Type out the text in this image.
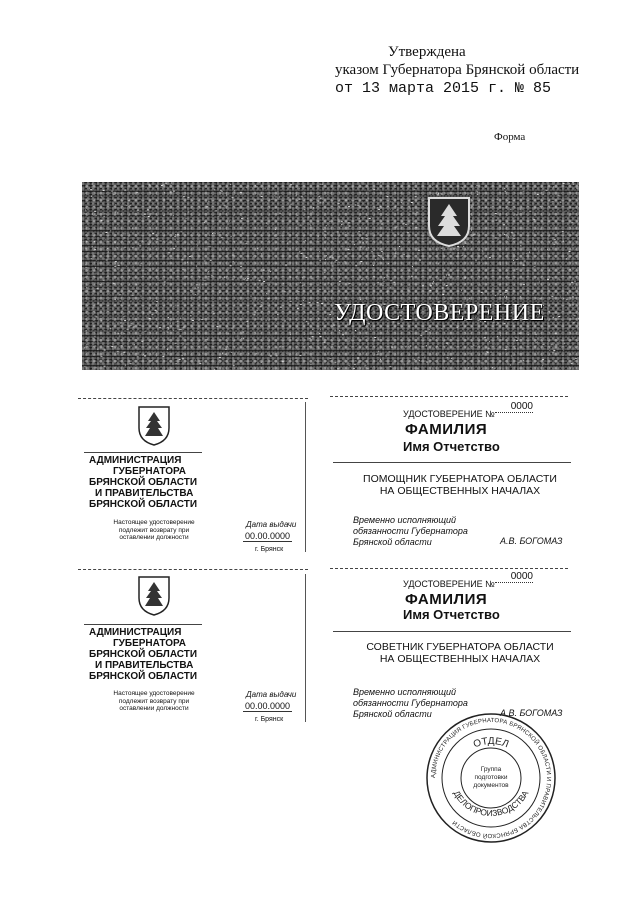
Утверждена
указом Губернатора Брянской области
от 13 марта 2015 г. № 85
Форма
УДОСТОВЕРЕНИЕ
АДМИНИСТРАЦИЯ
ГУБЕРНАТОРА
БРЯНСКОЙ ОБЛАСТИ
И ПРАВИТЕЛЬСТВА
БРЯНСКОЙ ОБЛАСТИ
Настоящее удостоверение
подлежит возврату при
оставлении должности
Дата выдачи
00.00.0000
г. Брянск
УДОСТОВЕРЕНИЕ №
0000
ФАМИЛИЯ
Имя Отчетство
ПОМОЩНИК ГУБЕРНАТОРА ОБЛАСТИ
НА ОБЩЕСТВЕННЫХ НАЧАЛАХ
Временно исполняющий
обязанности Губернатора
Брянской области	А.В. БОГОМАЗ
АДМИНИСТРАЦИЯ
ГУБЕРНАТОРА
БРЯНСКОЙ ОБЛАСТИ
И ПРАВИТЕЛЬСТВА
БРЯНСКОЙ ОБЛАСТИ
Настоящее удостоверение
подлежит возврату при
оставлении должности
Дата выдачи
00.00.0000
г. Брянск
УДОСТОВЕРЕНИЕ №
0000
ФАМИЛИЯ
Имя Отчетство
СОВЕТНИК ГУБЕРНАТОРА ОБЛАСТИ
НА ОБЩЕСТВЕННЫХ НАЧАЛАХ
Временно исполняющий
обязанности Губернатора
Брянской области	А.В. БОГОМАЗ
АДМИНИСТРАЦИЯ ГУБЕРНАТОРА БРЯНСКОЙ ОБЛАСТИ И ПРАВИТЕЛЬСТВА БРЯНСКОЙ ОБЛАСТИ
ОТДЕЛ
ДЕЛОПРОИЗВОДСТВА
Группа
подготовки
документов
